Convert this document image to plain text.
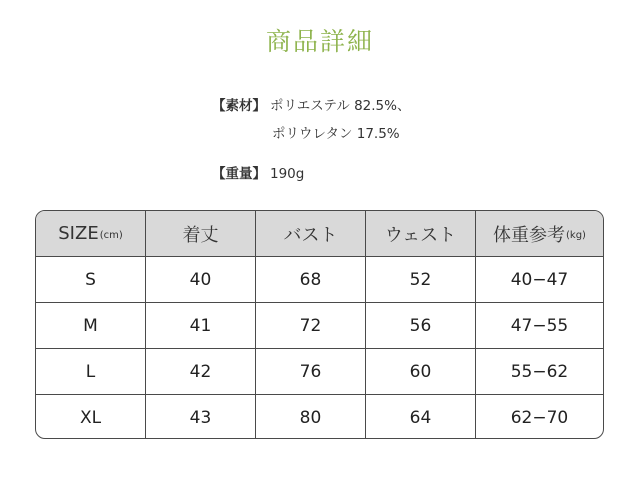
商品詳細
【素材】 ポリエステル 82.5%、
ポリウレタン 17.5%
【重量】 190g
SIZE (cm)	着丈	バスト	ウェスト	体重参考 (kg)
S	40	68	52	40−47
M	41	72	56	47−55
L	42	76	60	55−62
XL	43	80	64	62−70
